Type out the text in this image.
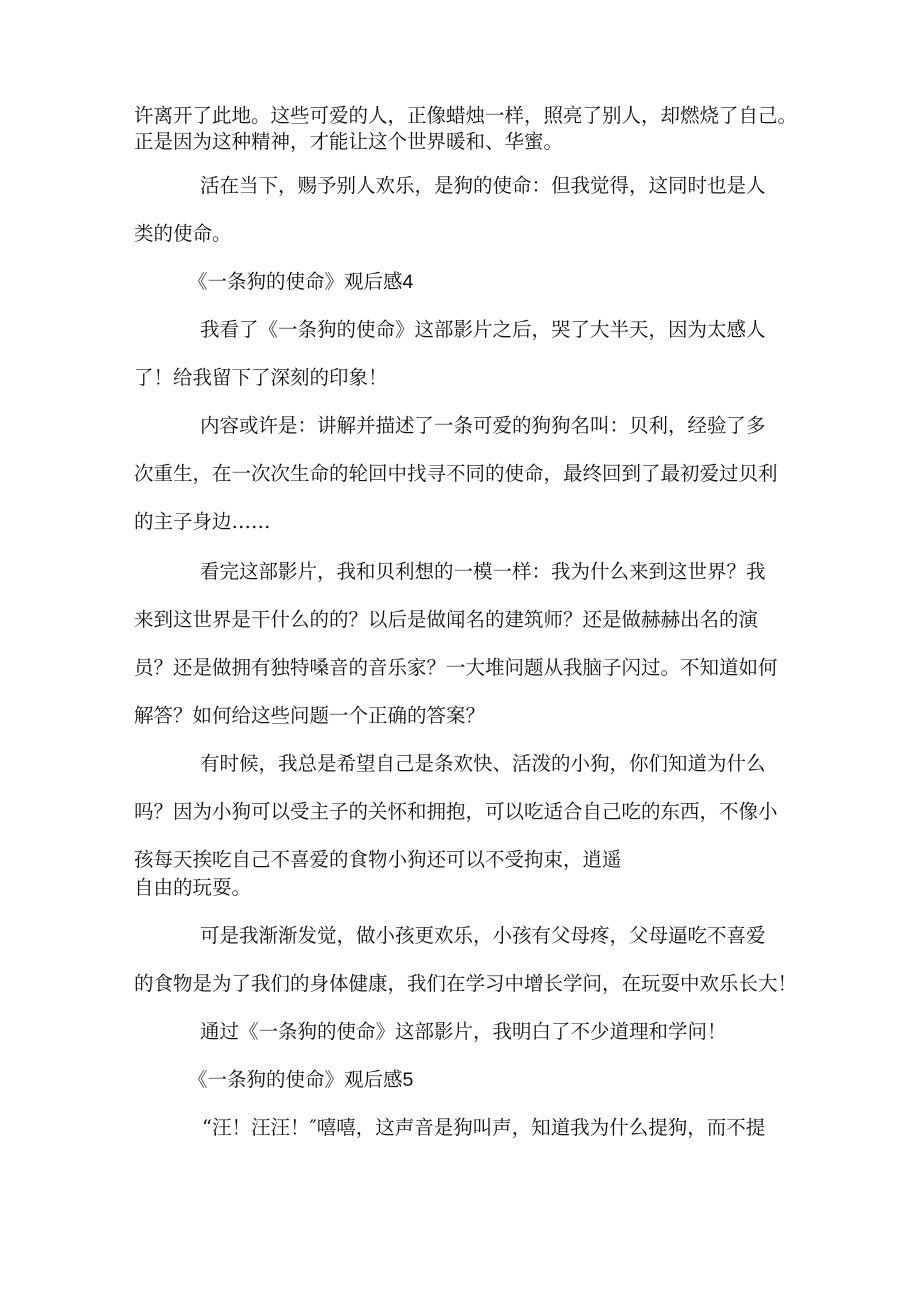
许离开了此地。这些可爱的人，正像蜡烛一样，照亮了别人，却燃烧了自己。
正是因为这种精神，才能让这个世界暖和、华蜜。
活在当下，赐予别人欢乐，是狗的使命：但我觉得，这同时也是人
类的使命。
《一条狗的使命》观后感4
我看了《一条狗的使命》这部影片之后，哭了大半天，因为太感人
了！给我留下了深刻的印象！
内容或许是：讲解并描述了一条可爱的狗狗名叫：贝利，经验了多
次重生，在一次次生命的轮回中找寻不同的使命，最终回到了最初爱过贝利
的主子身边……
看完这部影片，我和贝利想的一模一样：我为什么来到这世界？我
来到这世界是干什么的的？以后是做闻名的建筑师？还是做赫赫出名的演
员？还是做拥有独特嗓音的音乐家？一大堆问题从我脑子闪过。不知道如何
解答？如何给这些问题一个正确的答案？
有时候，我总是希望自己是条欢快、活泼的小狗，你们知道为什么
吗？因为小狗可以受主子的关怀和拥抱，可以吃适合自己吃的东西，不像小
孩每天挨吃自己不喜爱的食物小狗还可以不受拘束，逍遥
自由的玩耍。
可是我渐渐发觉，做小孩更欢乐，小孩有父母疼，父母逼吃不喜爱
的食物是为了我们的身体健康，我们在学习中增长学问，在玩耍中欢乐长大！
通过《一条狗的使命》这部影片，我明白了不少道理和学问！
《一条狗的使命》观后感5
“汪！汪汪！″嘻嘻，这声音是狗叫声，知道我为什么提狗，而不提
